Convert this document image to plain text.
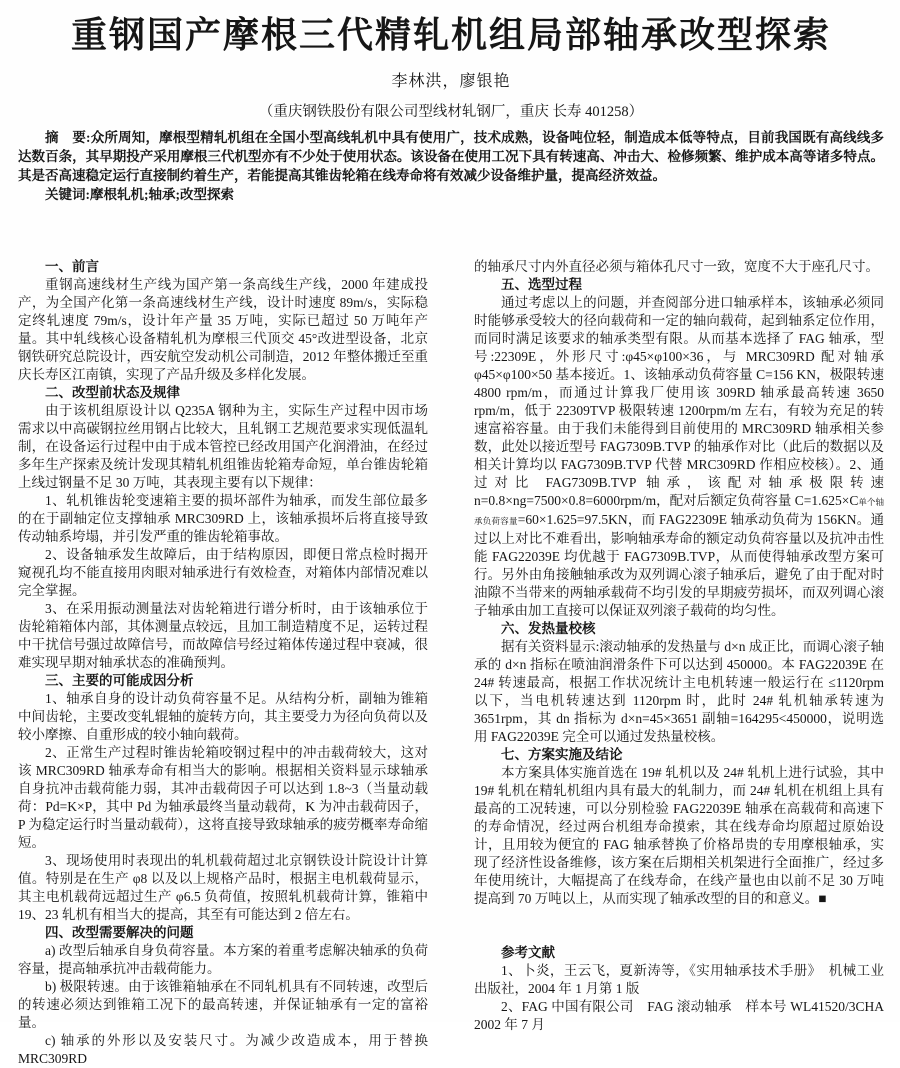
重钢国产摩根三代精轧机组局部轴承改型探索
李林洪，廖银艳
（重庆钢铁股份有限公司型线材轧钢厂，重庆 长寿 401258）

摘　要:众所周知，摩根型精轧机组在全国小型高线轧机中具有使用广，技术成熟，设备吨位轻，制造成本低等特点，目前我国既有高线线多达数百条，其早期投产采用摩根三代机型亦有不少处于使用状态。该设备在使用工况下具有转速高、冲击大、检修频繁、维护成本高等诸多特点。其是否高速稳定运行直接制约着生产，若能提高其锥齿轮箱在线寿命将有效减少设备维护量，提高经济效益。

关键词:摩根轧机;轴承;改型探索

一、前言

重钢高速线材生产线为国产第一条高线生产线，2000 年建成投产，为全国产化第一条高速线材生产线，设计时速度 89m/s，实际稳定终轧速度 79m/s，设计年产量 35 万吨，实际已超过 50 万吨年产量。其中轧线核心设备精轧机为摩根三代顶交 45°改进型设备，北京钢铁研究总院设计，西安航空发动机公司制造，2012 年整体搬迁至重庆长寿区江南镇，实现了产品升级及多样化发展。

二、改型前状态及规律

由于该机组原设计以 Q235A 钢种为主，实际生产过程中因市场需求以中高碳钢拉丝用钢占比较大，且轧钢工艺规范要求实现低温轧制，在设备运行过程中由于成本管控已经改用国产化润滑油，在经过多年生产探索及统计发现其精轧机组锥齿轮箱寿命短，单台锥齿轮箱上线过钢量不足 30 万吨，其表现主要有以下规律：

1、轧机锥齿轮变速箱主要的损坏部件为轴承，而发生部位最多的在于副轴定位支撑轴承 MRC309RD 上，该轴承损坏后将直接导致传动轴系垮塌，并引发严重的锥齿轮箱事故。

2、设备轴承发生故障后，由于结构原因，即便日常点检时揭开窥视孔均不能直接用肉眼对轴承进行有效检查，对箱体内部情况难以完全掌握。

3、在采用振动测量法对齿轮箱进行谱分析时，由于该轴承位于齿轮箱箱体内部，其体测量点较远，且加工制造精度不足，运转过程中干扰信号强过故障信号，而故障信号经过箱体传递过程中衰减，很难实现早期对轴承状态的准确预判。

三、主要的可能成因分析

1、轴承自身的设计动负荷容量不足。从结构分析，副轴为锥箱中间齿轮，主要改变轧辊轴的旋转方向，其主要受力为径向负荷以及较小摩擦、自重形成的较小轴向载荷。

2、正常生产过程时锥齿轮箱咬钢过程中的冲击载荷较大，这对该 MRC309RD 轴承寿命有相当大的影响。根据相关资料显示球轴承自身抗冲击载荷能力弱，其冲击载荷因子可以达到 1.8~3（当量动载荷：Pd=K×P，其中 Pd 为轴承最终当量动载荷，K 为冲击载荷因子，P 为稳定运行时当量动载荷），这将直接导致球轴承的疲劳概率寿命缩短。

3、现场使用时表现出的轧机载荷超过北京钢铁设计院设计计算值。特别是在生产 φ8 以及以上规格产品时，根据主电机载荷显示，其主电机载荷远超过生产 φ6.5 负荷值，按照轧机载荷计算，锥箱中 19、23 轧机有相当大的提高，其至有可能达到 2 倍左右。

四、改型需要解决的问题

a) 改型后轴承自身负荷容量。本方案的着重考虑解决轴承的负荷容量，提高轴承抗冲击载荷能力。

b) 极限转速。由于该锥箱轴承在不同轧机具有不同转速，改型后的转速必须达到锥箱工况下的最高转速，并保证轴承有一定的富裕量。

c) 轴承的外形以及安装尺寸。为减少改造成本，用于替换 MRC309RD

的轴承尺寸内外直径必须与箱体孔尺寸一致，宽度不大于座孔尺寸。

五、选型过程

通过考虑以上的问题，并查阅部分进口轴承样本，该轴承必须同时能够承受较大的径向载荷和一定的轴向载荷，起到轴系定位作用，而同时满足该要求的轴承类型有限。从而基本选择了 FAG 轴承，型号:22309E，外形尺寸:φ45×φ100×36，与 MRC309RD 配对轴承 φ45×φ100×50 基本接近。1、该轴承动负荷容量 C=156 KN，极限转速 4800 rpm/m，而通过计算我厂使用该 309RD 轴承最高转速 3650 rpm/m，低于 22309TVP 极限转速 1200rpm/m 左右，有较为充足的转速富裕容量。由于我们未能得到目前使用的 MRC309RD 轴承相关参数，此处以接近型号 FAG7309B.TVP 的轴承作对比（此后的数据以及相关计算均以 FAG7309B.TVP 代替 MRC309RD 作相应校核）。2、通过对比 FAG7309B.TVP 轴承，该配对轴承极限转速 n=0.8×ng=7500×0.8=6000rpm/m，配对后额定负荷容量 C=1.625×C单个轴承负荷容量=60×1.625=97.5KN，而 FAG22309E 轴承动负荷为 156KN。通过以上对比不难看出，影响轴承寿命的额定动负荷容量以及抗冲击性能 FAG22039E 均优越于 FAG7309B.TVP，从而使得轴承改型方案可行。另外由角接触轴承改为双列调心滚子轴承后，避免了由于配对时油隙不当带来的两轴承载荷不均引发的早期疲劳损坏，而双列调心滚子轴承由加工直接可以保证双列滚子载荷的均匀性。

六、发热量校核

据有关资料显示:滚动轴承的发热量与 d×n 成正比，而调心滚子轴承的 d×n 指标在喷油润滑条件下可以达到 450000。本 FAG22039E 在 24# 转速最高，根据工作状况统计主电机转速一般运行在 ≤1120rpm 以下，当电机转速达到 1120rpm 时，此时 24# 轧机轴承转速为 3651rpm，其 dn 指标为 d×n=45×3651 副轴=164295<450000，说明选用 FAG22039E 完全可以通过发热量校核。

七、方案实施及结论

本方案具体实施首选在 19# 轧机以及 24# 轧机上进行试验，其中 19# 轧机在精轧机组内具有最大的轧制力，而 24# 轧机在机组上具有最高的工况转速，可以分别检验 FAG22039E 轴承在高载荷和高速下的寿命情况，经过两台机组寿命摸索，其在线寿命均原超过原始设计，且用较为便宜的 FAG 轴承替换了价格昂贵的专用摩根轴承，实现了经济性设备维修，该方案在后期相关机架进行全面推广，经过多年使用统计，大幅提高了在线寿命，在线产量也由以前不足 30 万吨提高到 70 万吨以上，从而实现了轴承改型的目的和意义。■

参考文献

1、卜炎，王云飞，夏新涛等，《实用轴承技术手册》　机械工业出版社，2004 年 1 月第 1 版

2、FAG 中国有限公司　FAG 滚动轴承　样本号 WL41520/3CHA 2002 年 7 月
